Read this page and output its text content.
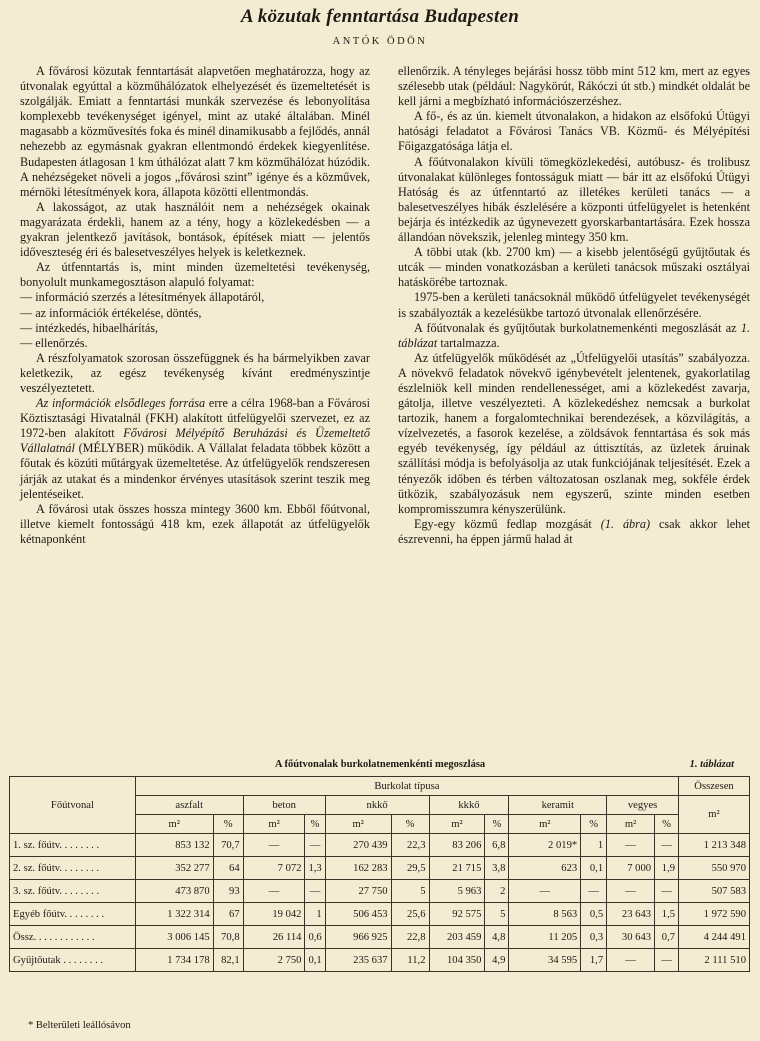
A közutak fenntartása Budapesten
ANTÓK ÖDÖN

A fővárosi közutak fenntartását alapvetően meghatározza, hogy az útvonalak egyúttal a közműhálózatok elhelyezését és üzemeltetését is szolgálják. Emiatt a fenntartási munkák szervezése és lebonyolítása komplexebb tevékenységet igényel, mint az utaké általában. Minél magasabb a közművesítés foka és minél dinamikusabb a fejlődés, annál nehezebb az egymásnak gyakran ellentmondó érdekek kiegyenlítése. Budapesten átlagosan 1 km úthálózat alatt 7 km közműhálózat húzódik. A nehézségeket növeli a jogos „fővárosi szint” igénye és a közművek, mérnöki létesítmények kora, állapota közötti ellentmondás.

A lakosságot, az utak használóit nem a nehézségek okainak magyarázata érdekli, hanem az a tény, hogy a közlekedésben — a gyakran jelentkező javítások, bontások, építések miatt — jelentős időveszteség éri és balesetveszélyes helyek is keletkeznek.

Az útfenntartás is, mint minden üzemeltetési tevékenység, bonyolult munkamegosztáson alapuló folyamat:

— információ szerzés a létesítmények állapotáról,

— az információk értékelése, döntés,

— intézkedés, hibaelhárítás,

— ellenőrzés.

A részfolyamatok szorosan összefüggnek és ha bármelyikben zavar keletkezik, az egész tevékenység kívánt eredményszintje veszélyeztetett.

Az információk elsődleges forrása erre a célra 1968-ban a Fővárosi Köztisztasági Hivatalnál (FKH) alakított útfelügyelői szervezet, ez az 1972-ben alakított Fővárosi Mélyépítő Beruházási és Üzemeltető Vállalatnál (MÉLYBER) működik. A Vállalat feladata többek között a főutak és közúti műtárgyak üzemeltetése. Az útfelügyelők rendszeresen járják az utakat és a mindenkor érvényes utasítások szerint teszik meg jelentéseiket.

A fővárosi utak összes hossza mintegy 3600 km. Ebből főútvonal, illetve kiemelt fontosságú 418 km, ezek állapotát az útfelügyelők kétnaponként

ellenőrzik. A tényleges bejárási hossz több mint 512 km, mert az egyes szélesebb utak (például: Nagykörút, Rákóczi út stb.) mindkét oldalát be kell járni a megbízható információszerzéshez.

A fő-, és az ún. kiemelt útvonalakon, a hidakon az elsőfokú Útügyi hatósági feladatot a Fővárosi Tanács VB. Közmű- és Mélyépítési Főigazgatósága látja el.

A főútvonalakon kívüli tömegközlekedési, autóbusz- és trolibusz útvonalakat különleges fontosságuk miatt — bár itt az elsőfokú Útügyi Hatóság és az útfenntartó az illetékes kerületi tanács — a balesetveszélyes hibák észlelésére a központi útfelügyelet is hetenként bejárja és intézkedik az úgynevezett gyorskarbantartására. Ezek hossza állandóan növekszik, jelenleg mintegy 350 km.

A többi utak (kb. 2700 km) — a kisebb jelentőségű gyűjtőutak és utcák — minden vonatkozásban a kerületi tanácsok műszaki osztályai hatáskörébe tartoznak.

1975-ben a kerületi tanácsoknál működő útfelügyelet tevékenységét is szabályozták a kezelésükbe tartozó útvonalak ellenőrzésére.

A főútvonalak és gyűjtőutak burkolatnemenkénti megoszlását az 1. táblázat tartalmazza.

Az útfelügyelők működését az „Útfelügyelői utasítás” szabályozza. A növekvő feladatok növekvő igénybevételt jelentenek, gyakorlatilag észlelniök kell minden rendellenességet, ami a közlekedést zavarja, gátolja, illetve veszélyezteti. A közlekedéshez nemcsak a burkolat tartozik, hanem a forgalomtechnikai berendezések, a közvilágítás, a vízelvezetés, a fasorok kezelése, a zöldsávok fenntartása és sok más egyéb tevékenység, így például az úttisztítás, az üzletek áruinak szállítási módja is befolyásolja az utak funkciójának teljesítését. Ezek a tényezők időben és térben változatosan oszlanak meg, sokféle érdek ütközik, szabályozásuk nem egyszerű, szinte minden esetben kompromisszumra kényszerülünk.

Egy-egy közmű fedlap mozgását (1. ábra) csak akkor lehet észrevenni, ha éppen jármű halad át

A főútvonalak burkolatnemenkénti megoszlása	1. táblázat
Főútvonal	Burkolat típusa												Összesen
	aszfalt		beton		nkkő		kkkő		keramit		vegyes		m²
	m²	%	m²	%	m²	%	m²	%	m²	%	m²	%	
1. sz. főútv. . . . . . . .	853 132	70,7	—	—	270 439	22,3	83 206	6,8	2 019*	1	—	—	1 213 348
2. sz. főútv. . . . . . . .	352 277	64	7 072	1,3	162 283	29,5	21 715	3,8	623	0,1	7 000	1,9	550 970
3. sz. főútv. . . . . . . .	473 870	93	—	—	27 750	5	5 963	2	—	—	—	—	507 583
Egyéb főútv. . . . . . . .	1 322 314	67	19 042	1	506 453	25,6	92 575	5	8 563	0,5	23 643	1,5	1 972 590
Össz. . . . . . . . . . . .	3 006 145	70,8	26 114	0,6	966 925	22,8	203 459	4,8	11 205	0,3	30 643	0,7	4 244 491
Gyűjtőutak . . . . . . . .	1 734 178	82,1	2 750	0,1	235 637	11,2	104 350	4,9	34 595	1,7	—	—	2 111 510
* Belterületi leállósávon
